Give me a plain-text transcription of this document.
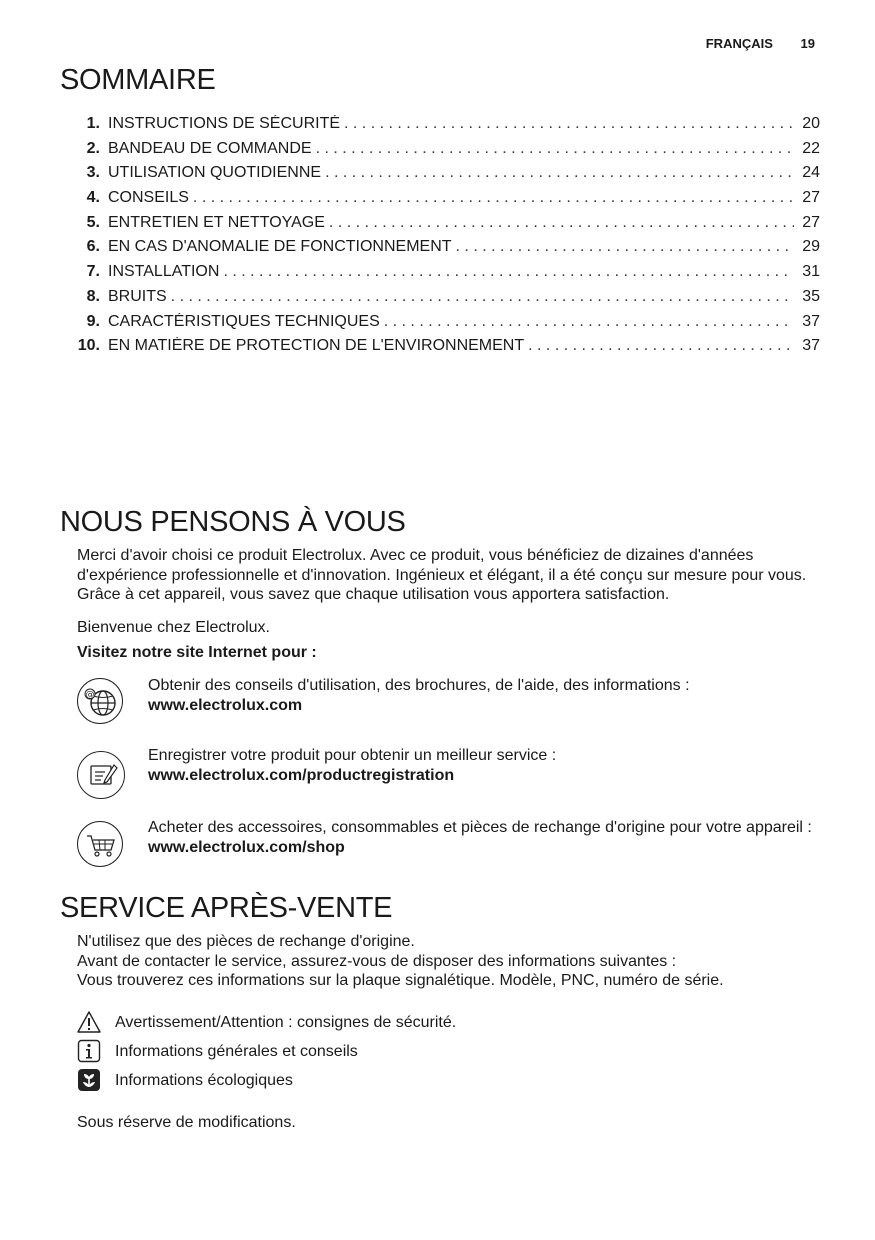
FRANÇAIS 19
SOMMAIRE
1. INSTRUCTIONS DE SÉCURITÉ . . .	20
2. BANDEAU DE COMMANDE . . .	22
3. UTILISATION QUOTIDIENNE . . .	24
4. CONSEILS . . .	27
5. ENTRETIEN ET NETTOYAGE . . .	27
6. EN CAS D'ANOMALIE DE FONCTIONNEMENT . . .	29
7. INSTALLATION . . .	31
8. BRUITS . . .	35
9. CARACTÉRISTIQUES TECHNIQUES . . .	37
10. EN MATIÈRE DE PROTECTION DE L'ENVIRONNEMENT . . .	37
NOUS PENSONS À VOUS
Merci d'avoir choisi ce produit Electrolux. Avec ce produit, vous bénéficiez de dizaines d'années d'expérience professionnelle et d'innovation. Ingénieux et élégant, il a été conçu sur mesure pour vous. Grâce à cet appareil, vous savez que chaque utilisation vous apportera satisfaction.
Bienvenue chez Electrolux.
Visitez notre site Internet pour :
@
Obtenir des conseils d'utilisation, des brochures, de l'aide, des informations :
www.electrolux.com
Enregistrer votre produit pour obtenir un meilleur service :
www.electrolux.com/productregistration
Acheter des accessoires, consommables et pièces de rechange d'origine pour votre appareil :
www.electrolux.com/shop
SERVICE APRÈS-VENTE
N'utilisez que des pièces de rechange d'origine.
Avant de contacter le service, assurez-vous de disposer des informations suivantes :
Vous trouverez ces informations sur la plaque signalétique. Modèle, PNC, numéro de série.
Avertissement/Attention : consignes de sécurité.
Informations générales et conseils
Informations écologiques
Sous réserve de modifications.
